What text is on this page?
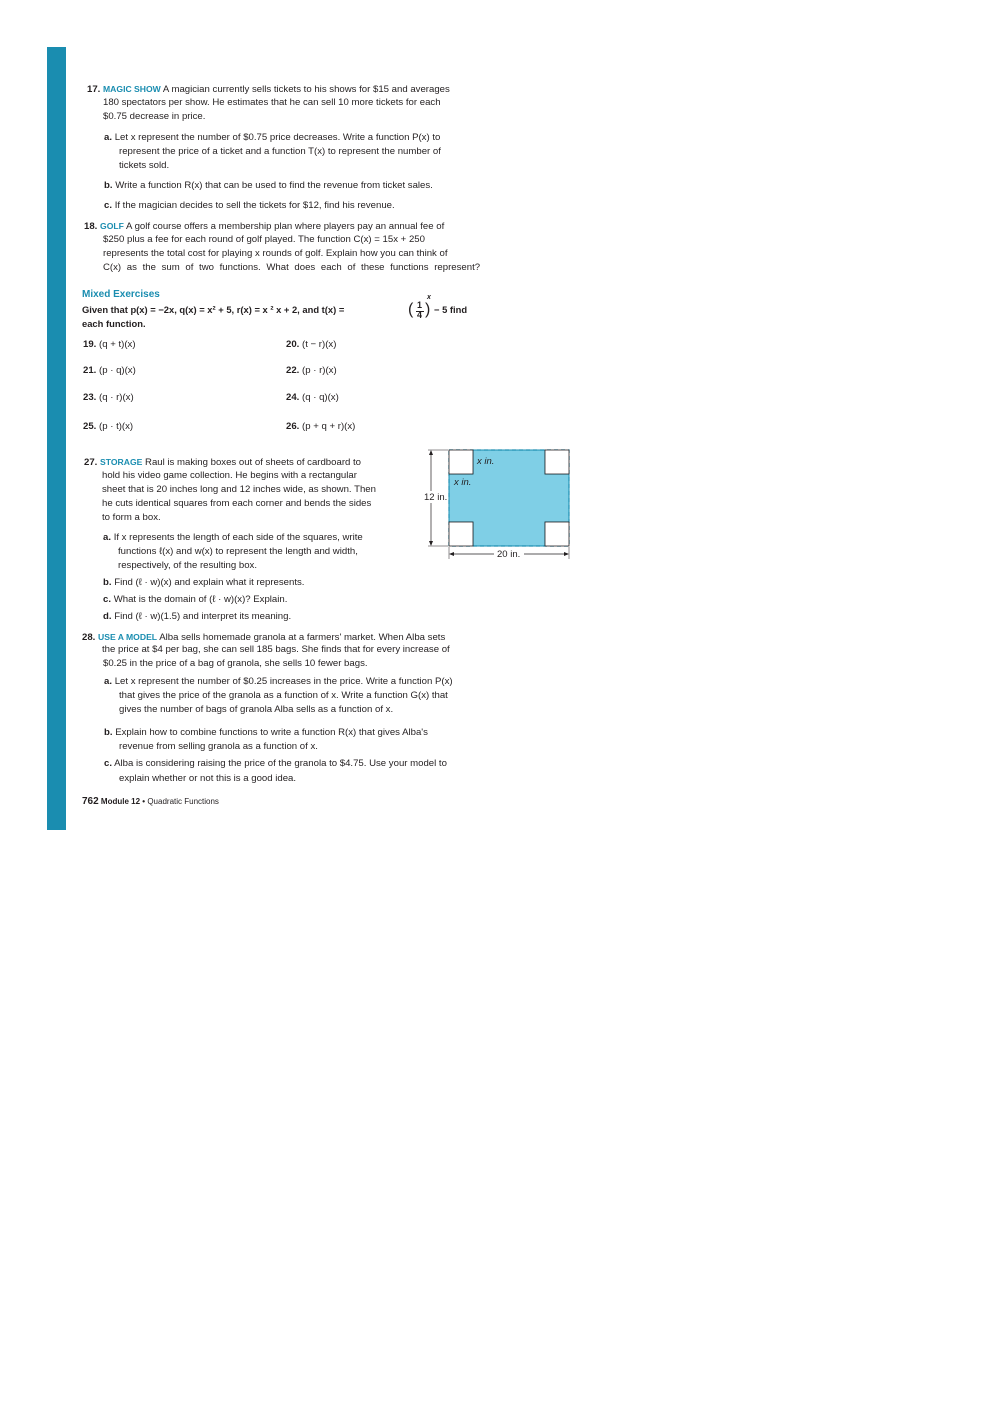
17. MAGIC SHOW A magician currently sells tickets to his shows for $15 and averages
180 spectators per show. He estimates that he can sell 10 more tickets for each
$0.75 decrease in price.
a. Let x represent the number of $0.75 price decreases. Write a function P(x) to
represent the price of a ticket and a function T(x) to represent the number of
tickets sold.
b. Write a function R(x) that can be used to find the revenue from ticket sales.
c. If the magician decides to sell the tickets for $12, find his revenue.
18. GOLF A golf course offers a membership plan where players pay an annual fee of
$250 plus a fee for each round of golf played. The function C(x) = 15x + 250
represents the total cost for playing x rounds of golf. Explain how you can think of
C(x) as the sum of two functions. What does each of these functions represent?
Mixed Exercises
Given that p(x) = −2x, q(x) = x² + 5, r(x) = x ² x + 2, and t(x) =	( 1
4 )
x
− 5 find
each function.
19. (q + t)(x)	20. (t − r)(x)
21. (p · q)(x)	22. (p · r)(x)
23. (q · r)(x)	24. (q · q)(x)
25. (p · t)(x)	26. (p + q + r)(x)
27. STORAGE Raul is making boxes out of sheets of cardboard to
hold his video game collection. He begins with a rectangular
sheet that is 20 inches long and 12 inches wide, as shown. Then
he cuts identical squares from each corner and bends the sides
to form a box.
a. If x represents the length of each side of the squares, write
functions ℓ(x) and w(x) to represent the length and width,
respectively, of the resulting box.
b. Find (ℓ · w)(x) and explain what it represents.
c. What is the domain of (ℓ · w)(x)? Explain.
d. Find (ℓ · w)(1.5) and interpret its meaning.
12 in.
20 in.
x in.
x in.
28. USE A MODEL Alba sells homemade granola at a farmers' market. When Alba sets
the price at $4 per bag, she can sell 185 bags. She finds that for every increase of
$0.25 in the price of a bag of granola, she sells 10 fewer bags.
a. Let x represent the number of $0.25 increases in the price. Write a function P(x)
that gives the price of the granola as a function of x. Write a function G(x) that
gives the number of bags of granola Alba sells as a function of x.
b. Explain how to combine functions to write a function R(x) that gives Alba's
revenue from selling granola as a function of x.
c. Alba is considering raising the price of the granola to $4.75. Use your model to
explain whether or not this is a good idea.
762 Module 12 • Quadratic Functions
